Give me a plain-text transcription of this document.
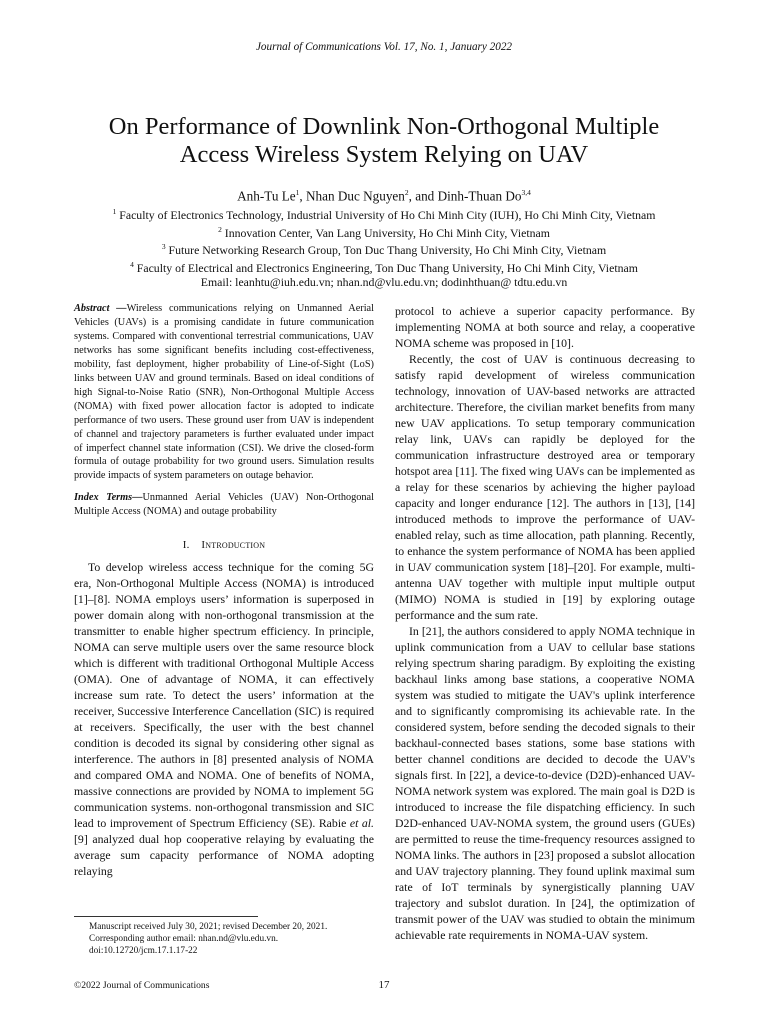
Journal of Communications Vol. 17, No. 1, January 2022
On Performance of Downlink Non-Orthogonal Multiple
Access Wireless System Relying on UAV
Anh-Tu Le$^1$, Nhan Duc Nguyen$^2$, and Dinh-Thuan Do$^{3,4}$
$^1$ Faculty of Electronics Technology, Industrial University of Ho Chi Minh City (IUH), Ho Chi Minh City, Vietnam
$^2$ Innovation Center, Van Lang University, Ho Chi Minh City, Vietnam
$^3$ Future Networking Research Group, Ton Duc Thang University, Ho Chi Minh City, Vietnam
$^4$ Faculty of Electrical and Electronics Engineering, Ton Duc Thang University, Ho Chi Minh City, Vietnam
Email: leanhtu@iuh.edu.vn; nhan.nd@vlu.edu.vn; dodinhthuan@ tdtu.edu.vn

Abstract —Wireless communications relying on Unmanned Aerial Vehicles (UAVs) is a promising candidate in future communication systems. Compared with conventional terrestrial communications, UAV networks has some significant benefits including cost-effectiveness, mobility, fast deployment, higher probability of Line-of-Sight (LoS) links between UAV and ground terminals. Based on ideal conditions of high Signal-to-Noise Ratio (SNR), Non-Orthogonal Multiple Access (NOMA) with fixed power allocation factor is adopted to indicate performance of two users. These ground user from UAV is independent of channel and trajectory parameters is further evaluated under impact of imperfect channel state information (CSI). We drive the closed-form formula of outage probability for two ground users. Simulation results provide impacts of system parameters on outage behavior.

Index Terms—Unmanned Aerial Vehicles (UAV) Non-Orthogonal Multiple Access (NOMA) and outage probability

I. Introduction

To develop wireless access technique for the coming 5G era, Non-Orthogonal Multiple Access (NOMA) is introduced [1]–[8]. NOMA employs users’ information is superposed in power domain along with non-orthogonal transmission at the transmitter to enable higher spectrum efficiency. In principle, NOMA can serve multiple users over the same resource block which is different with traditional Orthogonal Multiple Access (OMA). One of advantage of NOMA, it can effectively increase sum rate. To detect the users’ information at the receiver, Successive Interference Cancellation (SIC) is required at receivers. Specifically, the user with the best channel condition is decoded its signal by considering other signal as interference. The authors in [8] presented analysis of NOMA and compared OMA and NOMA. One of benefits of NOMA, massive connections are provided by NOMA to implement 5G communication systems. non-orthogonal transmission and SIC lead to improvement of Spectrum Efficiency (SE). Rabie et al. [9] analyzed dual hop cooperative relaying by evaluating the average sum capacity performance of NOMA adopting relaying

protocol to achieve a superior capacity performance. By implementing NOMA at both source and relay, a cooperative NOMA scheme was proposed in [10].

Recently, the cost of UAV is continuous decreasing to satisfy rapid development of wireless communication technology, innovation of UAV-based networks are attracted architecture. Therefore, the civilian market benefits from many new UAV applications. To setup temporary communication relay link, UAVs can rapidly be deployed for the communication infrastructure destroyed area or temporary hotspot area [11]. The fixed wing UAVs can be implemented as a relay for these scenarios by achieving the higher payload capacity and longer endurance [12]. The authors in [13], [14] introduced methods to improve the performance of UAV-enabled relay, such as time allocation, path planning. Recently, to enhance the system performance of NOMA has been applied in UAV communication system [18]–[20]. For example, multi-antenna UAV together with multiple input multiple output (MIMO) NOMA is studied in [19] by exploring outage performance and the sum rate.

In [21], the authors considered to apply NOMA technique in uplink communication from a UAV to cellular base stations relying spectrum sharing paradigm. By exploiting the existing backhaul links among base stations, a cooperative NOMA system was studied to mitigate the UAV's uplink interference and to significantly compromising its achievable rate. In the considered system, before sending the decoded signals to their backhaul-connected bases stations, some base stations with better channel conditions are decided to decode the UAV's signals first. In [22], a device-to-device (D2D)-enhanced UAV-NOMA network system was explored. The main goal is D2D is introduced to increase the file dispatching efficiency. In such D2D-enhanced UAV-NOMA system, the ground users (GUEs) are permitted to reuse the time-frequency resources assigned to NOMA links. The authors in [23] proposed a subslot allocation and UAV trajectory planning. They found uplink maximal sum rate of IoT terminals by synergistically planning UAV trajectory and subslot duration. In [24], the optimization of transmit power of the UAV was studied to obtain the minimum achievable rate requirements in NOMA-UAV system.

Manuscript received July 30, 2021; revised December 20, 2021.
Corresponding author email: nhan.nd@vlu.edu.vn.
doi:10.12720/jcm.17.1.17-22
©2022 Journal of Communications	17
